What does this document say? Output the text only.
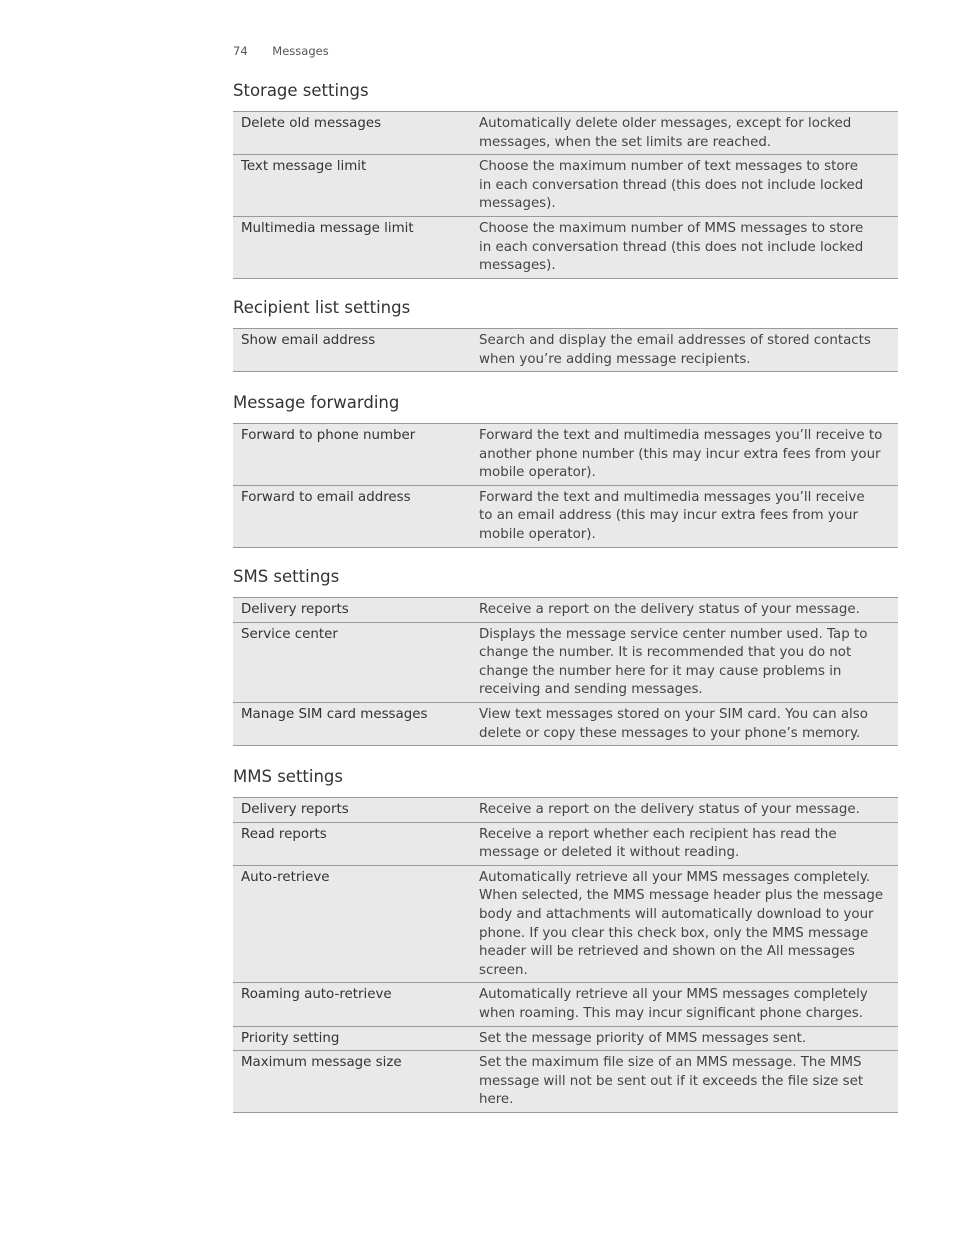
74 Messages
Storage settings
Delete old messages	Automatically delete older messages, except for locked
messages, when the set limits are reached.
Text message limit	Choose the maximum number of text messages to store
in each conversation thread (this does not include locked
messages).
Multimedia message limit	Choose the maximum number of MMS messages to store
in each conversation thread (this does not include locked
messages).
Recipient list settings
Show email address	Search and display the email addresses of stored contacts
when you’re adding message recipients.
Message forwarding
Forward to phone number	Forward the text and multimedia messages you’ll receive to
another phone number (this may incur extra fees from your
mobile operator).
Forward to email address	Forward the text and multimedia messages you’ll receive
to an email address (this may incur extra fees from your
mobile operator).
SMS settings
Delivery reports	Receive a report on the delivery status of your message.
Service center	Displays the message service center number used. Tap to
change the number. It is recommended that you do not
change the number here for it may cause problems in
receiving and sending messages.
Manage SIM card messages	View text messages stored on your SIM card. You can also
delete or copy these messages to your phone’s memory.
MMS settings
Delivery reports	Receive a report on the delivery status of your message.
Read reports	Receive a report whether each recipient has read the
message or deleted it without reading.
Auto-retrieve	Automatically retrieve all your MMS messages completely.
When selected, the MMS message header plus the message
body and attachments will automatically download to your
phone. If you clear this check box, only the MMS message
header will be retrieved and shown on the All messages
screen.
Roaming auto-retrieve	Automatically retrieve all your MMS messages completely
when roaming. This may incur significant phone charges.
Priority setting	Set the message priority of MMS messages sent.
Maximum message size	Set the maximum file size of an MMS message. The MMS
message will not be sent out if it exceeds the file size set
here.
